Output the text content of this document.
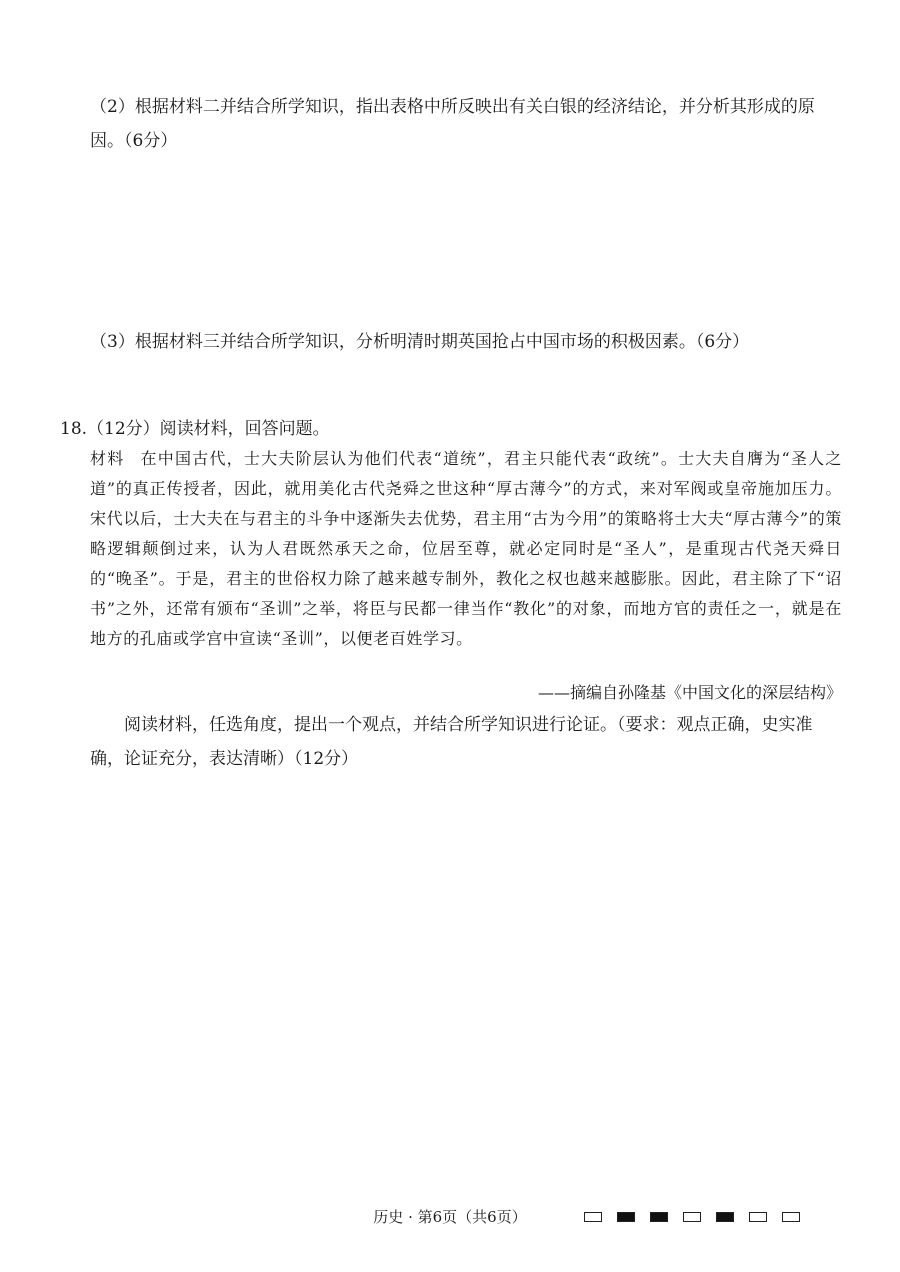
（2）根据材料二并结合所学知识，指出表格中所反映出有关白银的经济结论，并分析其形成的原因。（6分）
（3）根据材料三并结合所学知识，分析明清时期英国抢占中国市场的积极因素。（6分）
18.（12分）阅读材料，回答问题。
材料 在中国古代，士大夫阶层认为他们代表“道统”，君主只能代表“政统”。士大夫自膺为“圣人之道”的真正传授者，因此，就用美化古代尧舜之世这种“厚古薄今”的方式，来对军阀或皇帝施加压力。宋代以后，士大夫在与君主的斗争中逐渐失去优势，君主用“古为今用”的策略将士大夫“厚古薄今”的策略逻辑颠倒过来，认为人君既然承天之命，位居至尊，就必定同时是“圣人”，是重现古代尧天舜日的“晚圣”。于是，君主的世俗权力除了越来越专制外，教化之权也越来越膨胀。因此，君主除了下“诏书”之外，还常有颁布“圣训”之举，将臣与民都一律当作“教化”的对象，而地方官的责任之一，就是在地方的孔庙或学宫中宣读“圣训”，以便老百姓学习。
——摘编自孙隆基《中国文化的深层结构》
阅读材料，任选角度，提出一个观点，并结合所学知识进行论证。（要求：观点正确，史实准确，论证充分，表达清晰）（12分）
历史 · 第6页（共6页）
